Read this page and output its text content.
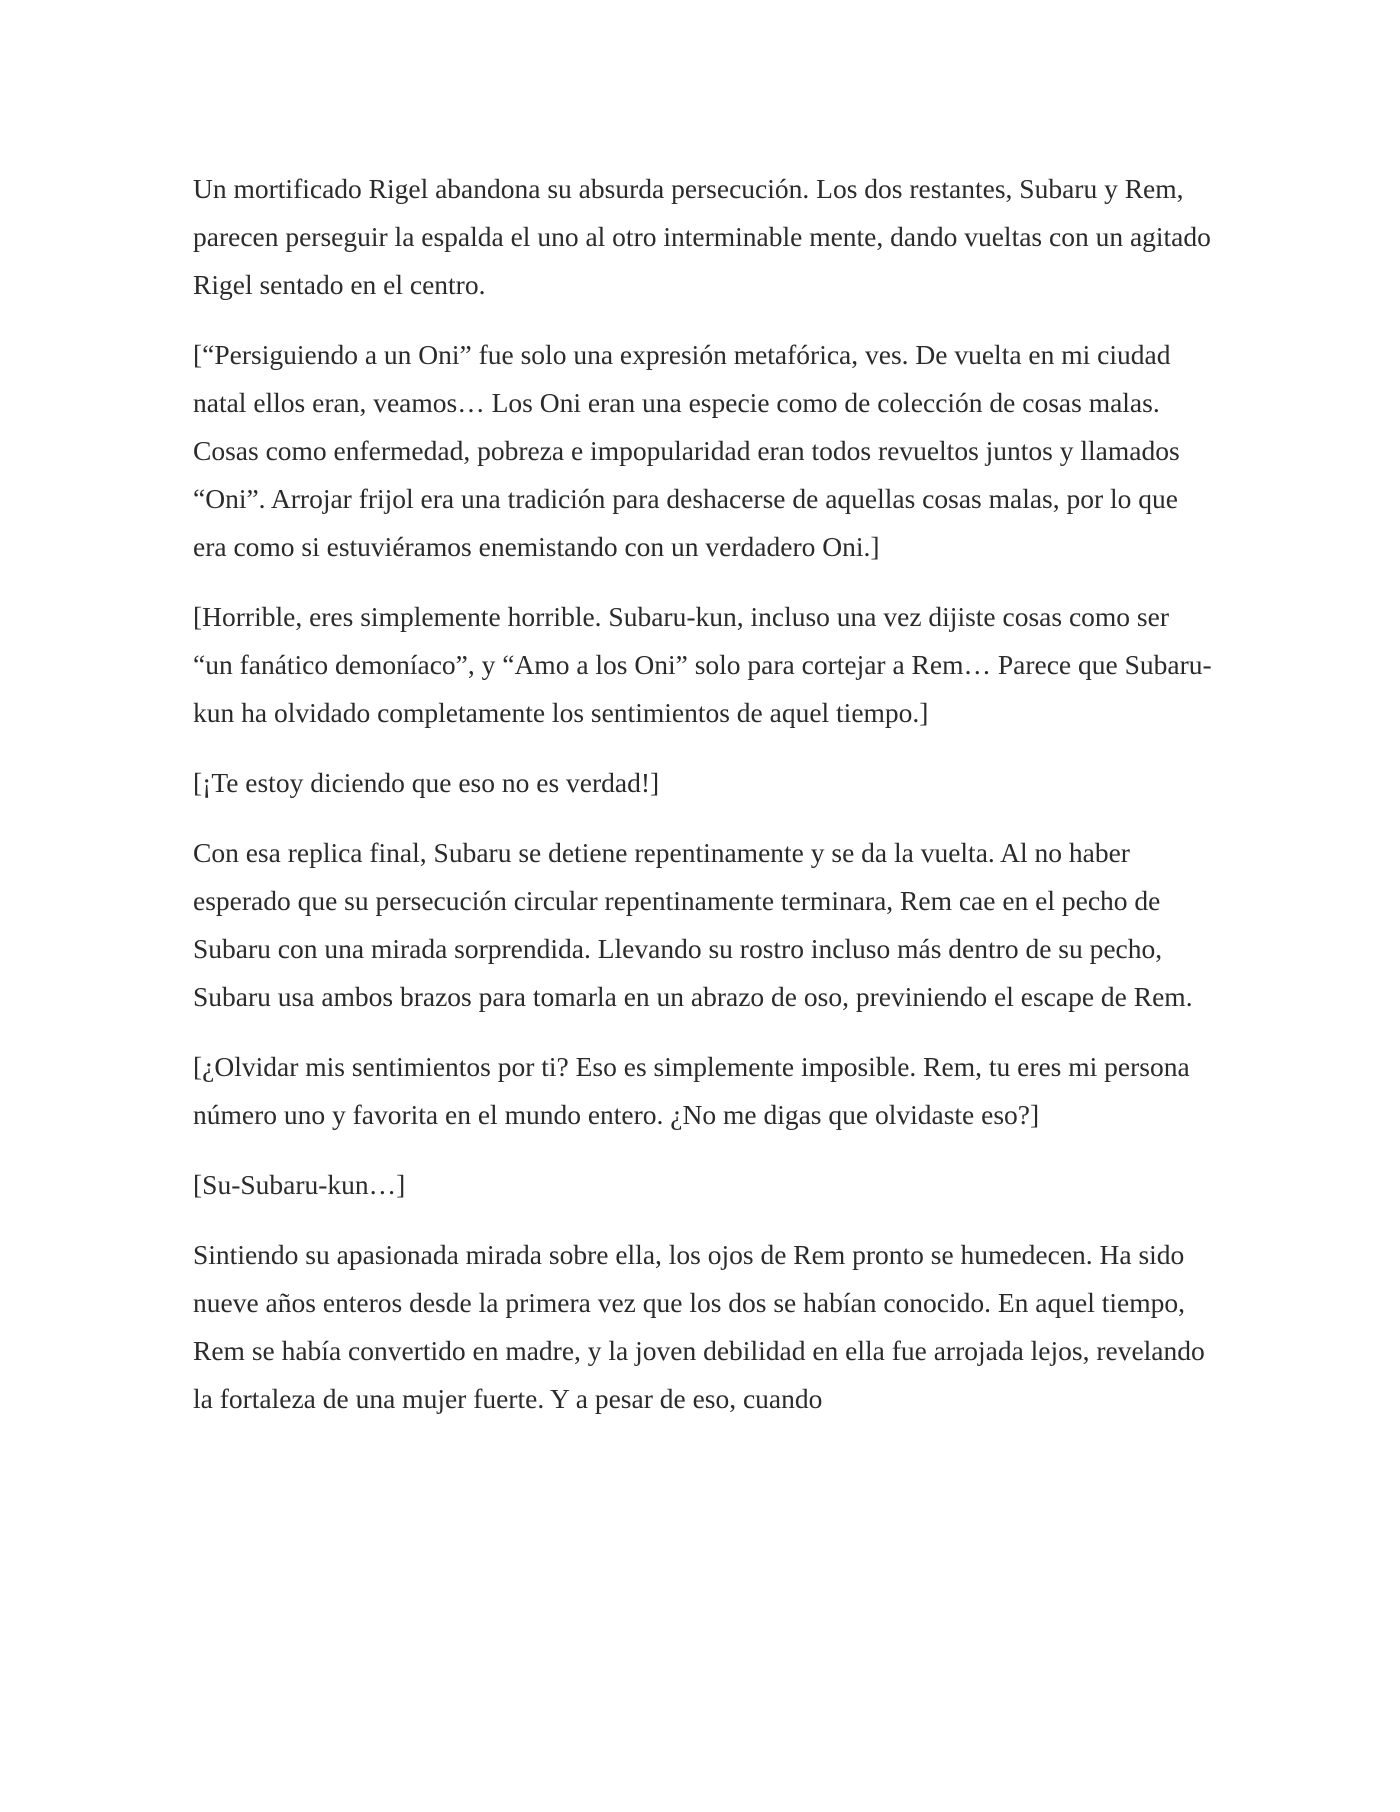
Un mortificado Rigel abandona su absurda persecución. Los dos restantes, Subaru y Rem, parecen perseguir la espalda el uno al otro interminable mente, dando vueltas con un agitado Rigel sentado en el centro.

[“Persiguiendo a un Oni” fue solo una expresión metafórica, ves. De vuelta en mi ciudad natal ellos eran, veamos… Los Oni eran una especie como de colección de cosas malas. Cosas como enfermedad, pobreza e impopularidad eran todos revueltos juntos y llamados “Oni”. Arrojar frijol era una tradición para deshacerse de aquellas cosas malas, por lo que era como si estuviéramos enemistando con un verdadero Oni.]

[Horrible, eres simplemente horrible. Subaru-kun, incluso una vez dijiste cosas como ser “un fanático demoníaco”, y “Amo a los Oni” solo para cortejar a Rem… Parece que Subaru-kun ha olvidado completamente los sentimientos de aquel tiempo.]

[¡Te estoy diciendo que eso no es verdad!]

Con esa replica final, Subaru se detiene repentinamente y se da la vuelta. Al no haber esperado que su persecución circular repentinamente terminara, Rem cae en el pecho de Subaru con una mirada sorprendida. Llevando su rostro incluso más dentro de su pecho, Subaru usa ambos brazos para tomarla en un abrazo de oso, previniendo el escape de Rem.

[¿Olvidar mis sentimientos por ti? Eso es simplemente imposible. Rem, tu eres mi persona número uno y favorita en el mundo entero. ¿No me digas que olvidaste eso?]

[Su-Subaru-kun…]

Sintiendo su apasionada mirada sobre ella, los ojos de Rem pronto se humedecen. Ha sido nueve años enteros desde la primera vez que los dos se habían conocido. En aquel tiempo, Rem se había convertido en madre, y la joven debilidad en ella fue arrojada lejos, revelando la fortaleza de una mujer fuerte. Y a pesar de eso, cuando
